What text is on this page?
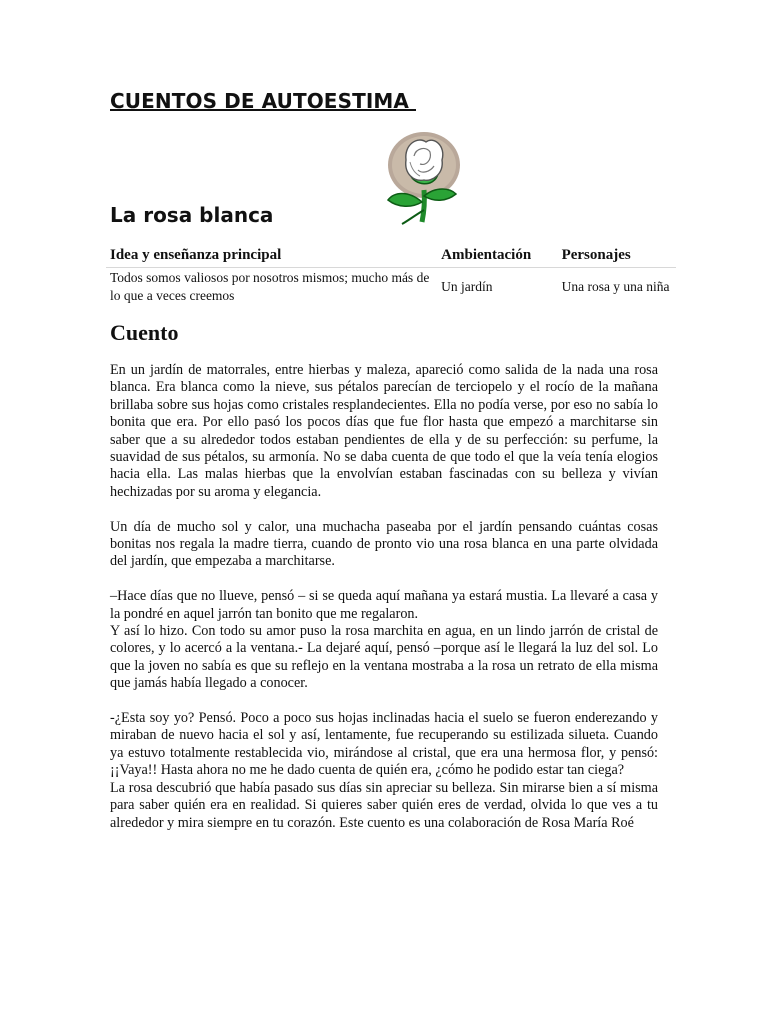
CUENTOS DE AUTOESTIMA
La rosa blanca
Idea y enseñanza principal	Ambientación	Personajes
Todos somos valiosos por nosotros mismos; mucho más de lo que a veces creemos	Un jardín	Una rosa y una niña
Cuento

En un jardín de matorrales, entre hierbas y maleza, apareció como salida de la nada una rosa blanca. Era blanca como la nieve, sus pétalos parecían de terciopelo y el rocío de la mañana brillaba sobre sus hojas como cristales resplandecientes. Ella no podía verse, por eso no sabía lo bonita que era. Por ello pasó los pocos días que fue flor hasta que empezó a marchitarse sin saber que a su alrededor todos estaban pendientes de ella y de su perfección: su perfume, la suavidad de sus pétalos, su armonía. No se daba cuenta de que todo el que la veía tenía elogios hacia ella. Las malas hierbas que la envolvían estaban fascinadas con su belleza y vivían hechizadas por su aroma y elegancia.

Un día de mucho sol y calor, una muchacha paseaba por el jardín pensando cuántas cosas bonitas nos regala la madre tierra, cuando de pronto vio una rosa blanca en una parte olvidada del jardín, que empezaba a marchitarse.

–Hace días que no llueve, pensó – si se queda aquí mañana ya estará mustia. La llevaré a casa y la pondré en aquel jarrón tan bonito que me regalaron.

Y así lo hizo. Con todo su amor puso la rosa marchita en agua, en un lindo jarrón de cristal de colores, y lo acercó a la ventana.- La dejaré aquí, pensó –porque así le llegará la luz del sol. Lo que la joven no sabía es que su reflejo en la ventana mostraba a la rosa un retrato de ella misma que jamás había llegado a conocer.

-¿Esta soy yo? Pensó. Poco a poco sus hojas inclinadas hacia el suelo se fueron enderezando y miraban de nuevo hacia el sol y así, lentamente, fue recuperando su estilizada silueta. Cuando ya estuvo totalmente restablecida vio, mirándose al cristal, que era una hermosa flor, y pensó: ¡¡Vaya!! Hasta ahora no me he dado cuenta de quién era, ¿cómo he podido estar tan ciega?

La rosa descubrió que había pasado sus días sin apreciar su belleza. Sin mirarse bien a sí misma para saber quién era en realidad. Si quieres saber quién eres de verdad, olvida lo que ves a tu alrededor y mira siempre en tu corazón. Este cuento es una colaboración de Rosa María Roé
